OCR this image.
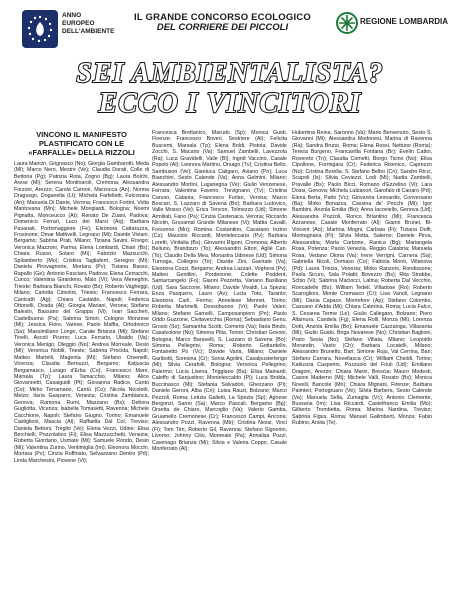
ANNO EUROPEO DELL'AMBIENTE
IL GRANDE CONCORSO ECOLOGICO
DEL CORRIERE DEI PICCOLI
REGIONE LOMBARDIA
SEI AMBIENTALISTA?
ECCO I VINCITORI
VINCONO IL MANIFESTO
PLASTIFICATO CON LE
«FARFALLE» DELLA RIZZOLI
Laura Mancin, Grignasco (No); Giorgia Gambarotti, Meda (Mi); Marco Nero, Mestre (Ve); Claudia Dorati, Colle di Bettona (Pg); Patrizia Rota, Zogno (Bg); Laura Bolchi, Arese (Mi); Serena Montinaroli, Cremona; Alessandra Forzoni, Arezzo; Carola Carroni, Marzocca (An); Norma Dragusgo, Doganella (Lt); Michela Farfelletti, Falconara (An); Manuela Di Dante, Verona; Francesco Fortini, Volta Mantovana (Mn); Michele Mongiardi, Bologna; Noemi Pignatta, Monceucco (At); Renato De Zuani, Padova; Domenico Ferrari, Luco dei Marsi (Aq); Barbara Pavanati, Portomaggiore (Fe); Eleonora Cattaruzza, Frosinone; Omar Mattivelli, Legnano (Mi); Davide Viviani, Bergamo; Sabrina Prati, Milano; Tiziana Savini, Rovigo; Veronica Mazzoni, Parma; Elena Lombardi, Chiari (Bs); Chiara Russo, Solaro (Mi); Fabrizio Mazzucchi, Spilamberto (Mo); Cristina Tagliaferri, Seregno (Mi); Daniela Pirovagnone, Mortara (Pv); Tiziana Basso, Rapallo (Ge); Antonio Fasciani, Padova; Elena Cerracchi, Cunco; Valentina Girardeno, Malo (Vi); Vera Meneghin, Trieste; Barbara Bianchi, Rovato (Bs); Roberto Vagheggi, Milano; Carlotta Cimolini, Trieste; Francesco Ferrara, Canicattì (Ag); Chiara Castaldo, Napoli; Federica Ottonelli, Ovada (Al); Giorgia Mariani, Verona; Stefano Balestri, Bassano del Grappa (Vi); Ivan Saccheri, Castelbuono (Pa); Sabrina Sirtori, Cologno Monzese (Mi); Jessica Fiore, Varese; Paolo Maffia, Ortodonico (Sa); Massimiliano Longo, Carate Brianza (Mi); Stefano Tinelli, Ascoli Piceno; Luca Ferrario, Ubaldo (Va); Veronica Menigo, Oleggio (No); Andrea Morreale, Desio (Mi); Veronica Nobili, Trieste; Sabrina Procida, Napoli; Matteo Martelli, Magenta (Mi); Stefano Orsenelli, Vicenza; Claudia Bernuzzi, Bergamo; Katjuscia Bergamasco, Lurago d'Erba (Co); Francesco Mare, Marsala (Tp); Laura Tamacchio, Milano; Alice Giovannetti, Casaiguidi (Pt); Giovanna Radice, Cantù (Co); Mirko Terramano, Cantù (Co); Nicola Nicoletti, Melzo; Ilaria Gasparro, Venezia; Cristina Zambianca, Genova; Ramona Rumi, Mazzano (Bs); Debora Gugliotta, Vicenza; Isabella Tomasetti, Ravenna; Michele Cacchione, Napoli; Stefano Giugno, Torino; Emanuele Castiglioni, Mascia (Al); Raffaella Dal Col, Treviso; Daniela Bettoni, Treglio (Ve); Elena Vezzi, Udine; Elisa Berchielli, Pozzolatico (Fi); Elisa Mazzucchetti, Venezia; Roberta Giordano, Usmate (Mi); Samuele Rondo, Desio (Mi); Valentina Zurino, Ventimiglia (Im); Eleonora Mocchi, Mortara (Pv); Cinzia Ruffinato, Selvazzano Dentro (Pd); Linda Marchesini, Piovene (Vi);
Francesca Brettanico, Marudo (Sp); Monica Guidi, Firenze; Francesco Boveri, Sestriere (Al); Felicita Buscemi, Marsala (Tp); Elena Boldi, Pistoia; Davide Zocchi, S. Macario (Va); Samuel Zambelli, Lavezzola (Ra); Luca Gravidelli, Vaile (Bl); Ingrid Vaccino, Casale Popolo (Al); Leonora Martino, Orsago (Tv); Cristina Bello, Sambuson (Ve); Gianluca Caligaro, Aviano (Pn); Luca Bianchini, Sesto Calende (Va); Anna Gelmini, Milano; Alessandro Mortini, Luganegna (Ve); Giulio Venzenese, Ferrara; Valentina Faverio, Trevignano (Tv); Cristina Caruso, Catania; Francesco Furlan, Verona; Marco Boscari, S. Lazzaro di Savena (Bo); Barbara Ludovico, Valle Mosso (Ve); Erica Tencon, Tolmezzo (Ud); Simone Armiliati, Fano (Ps); Cinzia Castenaca, Verona; Riccardo Nicolin, Gruvamal Grande Milanese (Vi); Mattia Cavalli, Fresonno (Mn); Romina Costantino, Casarano Inzino (Cs); Maurizio Riccardi, Monteleccaria (Pv); Barbara Loretti, Vinitalia (Bs); Giovanni Rigoni, Cremona; Alberto Belluno, Brandizzo (To); Alessandro Ettori, Agliè Can. (To); Claudio Della Mea, Monastra Udinese (Ud); Simona Turnoga, Collegno (To); Davide Zini, Gavirate (Va); Eleonora Cozzi, Bergamo; Andrea Lazzari, Voghera (Pv); Matteo Gentilini, Pordenone; Colette Poddent, Santarcangelo (Fo); Gianni Pezzetta, Variano Basiliano (Ud); Sara Saccone, Milano; Davide Vivaldi, La Spezia; Enza Pasquero, Lauro (Av); Lucia Toto, Taranto; Eleonora Carli, Fermo; Anneliese Mennet, Torino; Roberta Martinelli, Dossobuono (Vr); Paolo Valeri, Milano; Stefano Garnelli, Camposanpiero (Pn); Paolo Oddo Guzzone, Civitavecchia (Roma); Sebastiano Genu, Grosio (So); Samantha Scotti, Comerio (Va); Ilaria Bindo, Casalvolone (No); Simona Pitia, Torino; Christian Govoni, Bologna; Marco Baravelli, S. Lazzaro di Savena (Bo); Simona Pellegrini, Roma; Roberto Gottardello, Fontanetto Po (Vc); Davide Varia, Milano; Daniele Garibotti, Soresina (Cr); Sonia Agolini, Casalpusterlengo (Mi); Silvia Cerafolli, Bologna; Veronica Pellegrino, Palermo; Lucia Lisena, Trigglano (Ba); Elisa Mainardi, Caleffo di Sanjustino; Monteleccaldo (Pi); Luca Bridda, Buccinasco (Mi); Stefania Salvadori, Ghezzano (Pi); Daniele Geroni, Alba (Cn); Luisa Rauzi, Bolzano; Marco Pezzoli, Roma; Letizia Galletti, La Spezia (Sp); Agnese Bergonzi, Sarno (Sa); Marco Pascali, Bergamo (Bg); Orsetta de Chiaro, Marcoglio (Va); Valerio Gamba, Gruamello Cremonese (Cr); Francesco Campi, Ancona; Alessandro Pozzi, Ravenna (Mb); Cristina Nessi, Vinci (Fi); Tom Tirri, Roberto Gil, Ravenna; Stefano Signorini, Livorno; Johnny Cilio, Monreale (Pa); Annalisa Pozzi, Cavenago Brianza (Mi); Silvia e Valeria Coppo, Casale Monferrato (Al);
Hubertina Reina, Saronno (Va); Mario Benvenuto, Sesto S. Giovanni (Mi); Alessandra Modonesi, Marina di Ravenna (Ra); Sandra Bruno, Roma; Elena Rossi, Nettuno (Roma); Teresa Burgeno, Francavilla Fontana (Br); Evelin Cattoi, Rovereto (Tn); Claudia Cometti, Borgo Ticino (No); Elisa Cipollone, Formigara (Cr); Federica Risenico, Caprezzo (No); Cristina Borella, S. Stefano Belbo (Cn); Sandro Ricci, Scapoli (Is); Silvia Ceviezzi, Lodi (Mi); Nadia Zambelli, Pravalle (Bs); Paolo Bicci, Romano d'Ezzelino (Vi); Lara Dossi, Genova; Michela Lubianori, Garofalo di Canaro (Pd); Elena Berta, Patto (Vc); Giovanna Leonardis, Conversano (Ba); Mirko Bonazza, Cassina de' Pecchi (Mi); Igor Bambini, Anzola Emilia (Bo); Anna Iacoviello, Genova (Ud); Alessandra Pozzoli, Ronco Briantino (Mi); Francesca Azzanese, Casale Monferrato (Al); Gianni Brunel, Bi-Vincent (Ao); Martina Mogni, Carbaia (Fi); Tiziana Dolfi, Montagnana (Pi); Silvia Motta, Salerno; Daniele Pirva, Alessandria; Marta Carbone, Ranica (Bg); Mariangela Rosa, Potenza; Paolo Venezia, Reggio Calabria; Manuela Rosa, Vedano Olona (Va); Irene Verrigni, Carnera (Sa); Gabriella Nicoli, Domaso (Co); Fabiola Monti, Villanova (Pd); Laura Trincia, Venezia; Mirko Ranzoni, Rondissone; Paola Sicuro, Sala Polatti; Bovezzo (Bs); Rita Strabbe, Schio (Vi); Sabrina Maciocci, Latina; Roberta Dal Vecchio, Roncadelle (Bs); William Tedeli, Villadose (Ro); Roberto Scaroglioni, Monte Cremasco (Cr); Lisa Vanoli, Legnano (Mi); Dania Capace, Montefore (Ap); Stefano Colombo, Cassano d'Adda (Mi); Chiara Caterina, Roma; Lucia Falco, S. Cesarea Terme (Le); Giulio Callegaro, Bolzano; Piero Altamura, Candela (Fg); Elena Rolli, Monza (Mi); Lorenza Dotti, Anzola Emilia (Bo); Emanuele Cazzaniga, Villasanta (Mi); Giulio Guido, Briga Novarese (No); Christian Baglioni, Prato Sesia (No); Stefano Villata, Milano; Leopoldo Morandin, Vasto (Ch); Barbara Locatelli, Milano; Alessandro Brunetto, Bari; Simone Ruju, Val Cerrina, Bari; Stefano Carrara, Novellasca (Cr); William Chioldi, Torino; Katiuscia Casperini, Pozzuolo del Friuli (Ud); Emiliano Dragoni, Arezzo; Chiara Marin, Brescia; Mauro Modesti, Casoni Maderno (Mi); Michele Valli, Rovato (Bs); Monica Novelli, Bancole (Mn); Chiara Mignani, Firenze; Barbara Palmieri, Portogruaro (Ve); Silvia Barbera, Sesto Calende (Va); Manuela Sella, Zumaglia (Vc); Antonio Clemente, Bussana (Im); Lisa Riccardi, Castelfranco Emilia (Mo); Gilberto Trombetta, Roma; Marina Nardina, Treviso; Sabrina Figus, Roma; Manuel Galimberti, Monza; Fabio Rubino, Arsita (Te).
